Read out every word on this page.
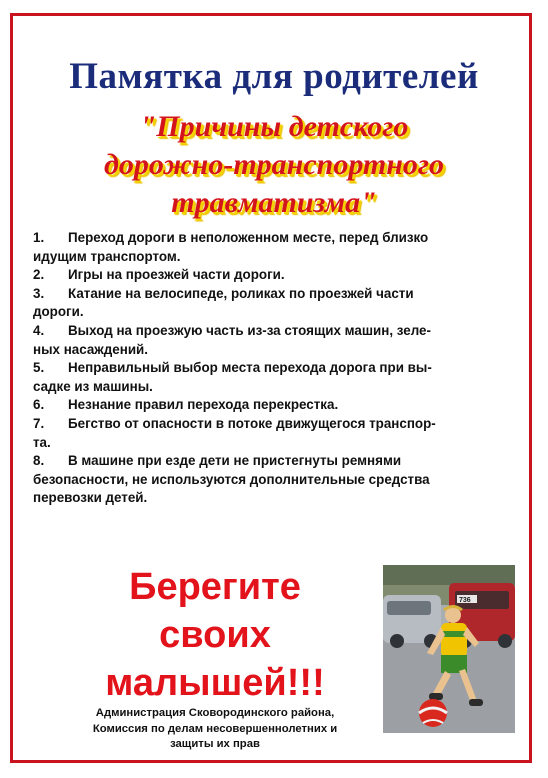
Памятка для родителей
"Причины детского
дорожно-транспортного
травматизма"
1. Переход дороги в неположенном месте, перед близко
идущим транспортом.
2. Игры на проезжей части дороги.
3. Катание на велосипеде, роликах по проезжей части
дороги.
4. Выход на проезжую часть из-за стоящих машин, зеле-
ных насаждений.
5. Неправильный выбор места перехода дорога при вы-
садке из машины.
6. Незнание правил перехода перекрестка.
7. Бегство от опасности в потоке движущегося транспор-
та.
8. В машине при езде дети не пристегнуты ремнями
безопасности, не используются дополнительные средства
перевозки детей.
Берегите
своих
малышей!!!
Администрация Сковородинского района,
Комиссия по делам несовершеннолетних и
защиты их прав
736
